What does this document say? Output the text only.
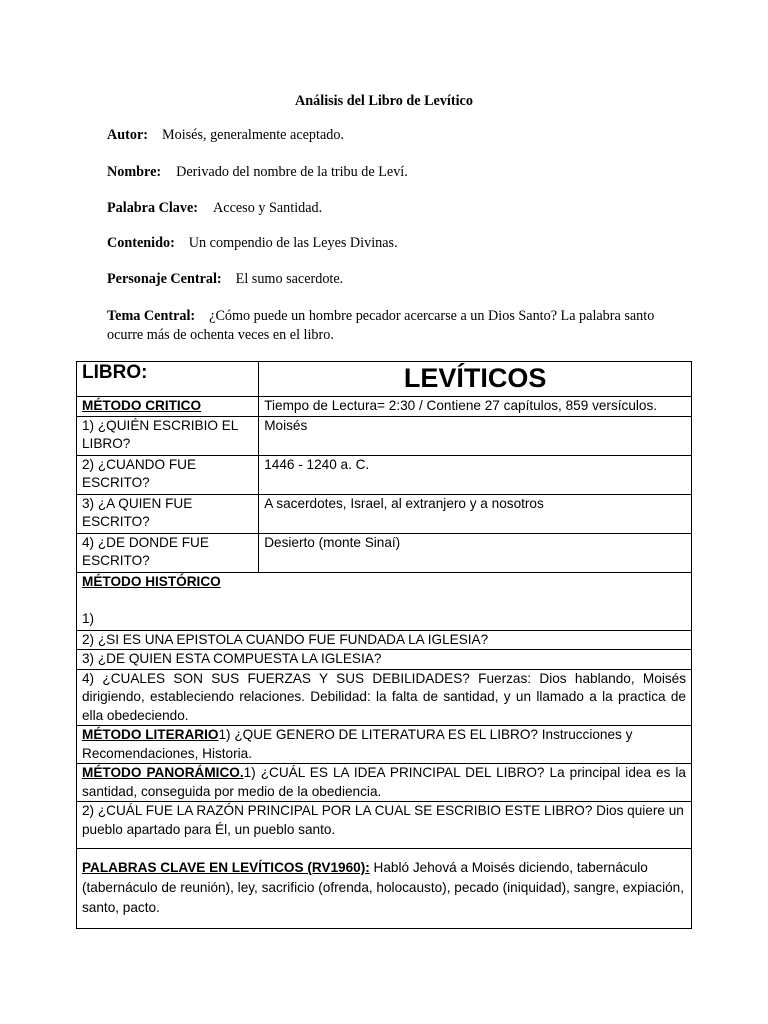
Análisis del Libro de Levítico
Autor: Moisés, generalmente aceptado.
Nombre: Derivado del nombre de la tribu de Leví.
Palabra Clave: Acceso y Santidad.
Contenido: Un compendio de las Leyes Divinas.
Personaje Central: El sumo sacerdote.
Tema Central: ¿Cómo puede un hombre pecador acercarse a un Dios Santo? La palabra santo ocurre más de ochenta veces en el libro.
LIBRO:	LEVÍTICOS
MÉTODO CRITICO	Tiempo de Lectura= 2:30 / Contiene 27 capítulos, 859 versículos.
1) ¿QUIÉN ESCRIBIO EL LIBRO?	Moisés
2) ¿CUANDO FUE ESCRITO?	1446 - 1240 a. C.
3) ¿A QUIEN FUE ESCRITO?	A sacerdotes, Israel, al extranjero y a nosotros
4) ¿DE DONDE FUE ESCRITO?	Desierto (monte Sinaí)

MÉTODO HISTÓRICO
1)	

2) ¿SI ES UNA EPISTOLA CUANDO FUE FUNDADA LA IGLESIA?	
3) ¿DE QUIEN ESTA COMPUESTA LA IGLESIA?	
4) ¿CUALES SON SUS FUERZAS Y SUS DEBILIDADES? Fuerzas: Dios hablando, Moisés dirigiendo, estableciendo relaciones. Debilidad: la falta de santidad, y un llamado a la practica de ella obedeciendo.	
MÉTODO LITERARIO1) ¿QUE GENERO DE LITERATURA ES EL LIBRO? Instrucciones y Recomendaciones, Historia.	
MÉTODO PANORÁMICO.1) ¿CUÁL ES LA IDEA PRINCIPAL DEL LIBRO? La principal idea es la santidad, conseguida por medio de la obediencia.	
2) ¿CUÁL FUE LA RAZÓN PRINCIPAL POR LA CUAL SE ESCRIBIO ESTE LIBRO? Dios quiere un pueblo apartado para Él, un pueblo santo.	
PALABRAS CLAVE EN LEVÍTICOS (RV1960): Habló Jehová a Moisés diciendo, tabernáculo (tabernáculo de reunión), ley, sacrificio (ofrenda, holocausto), pecado (iniquidad), sangre, expiación, santo, pacto.	
